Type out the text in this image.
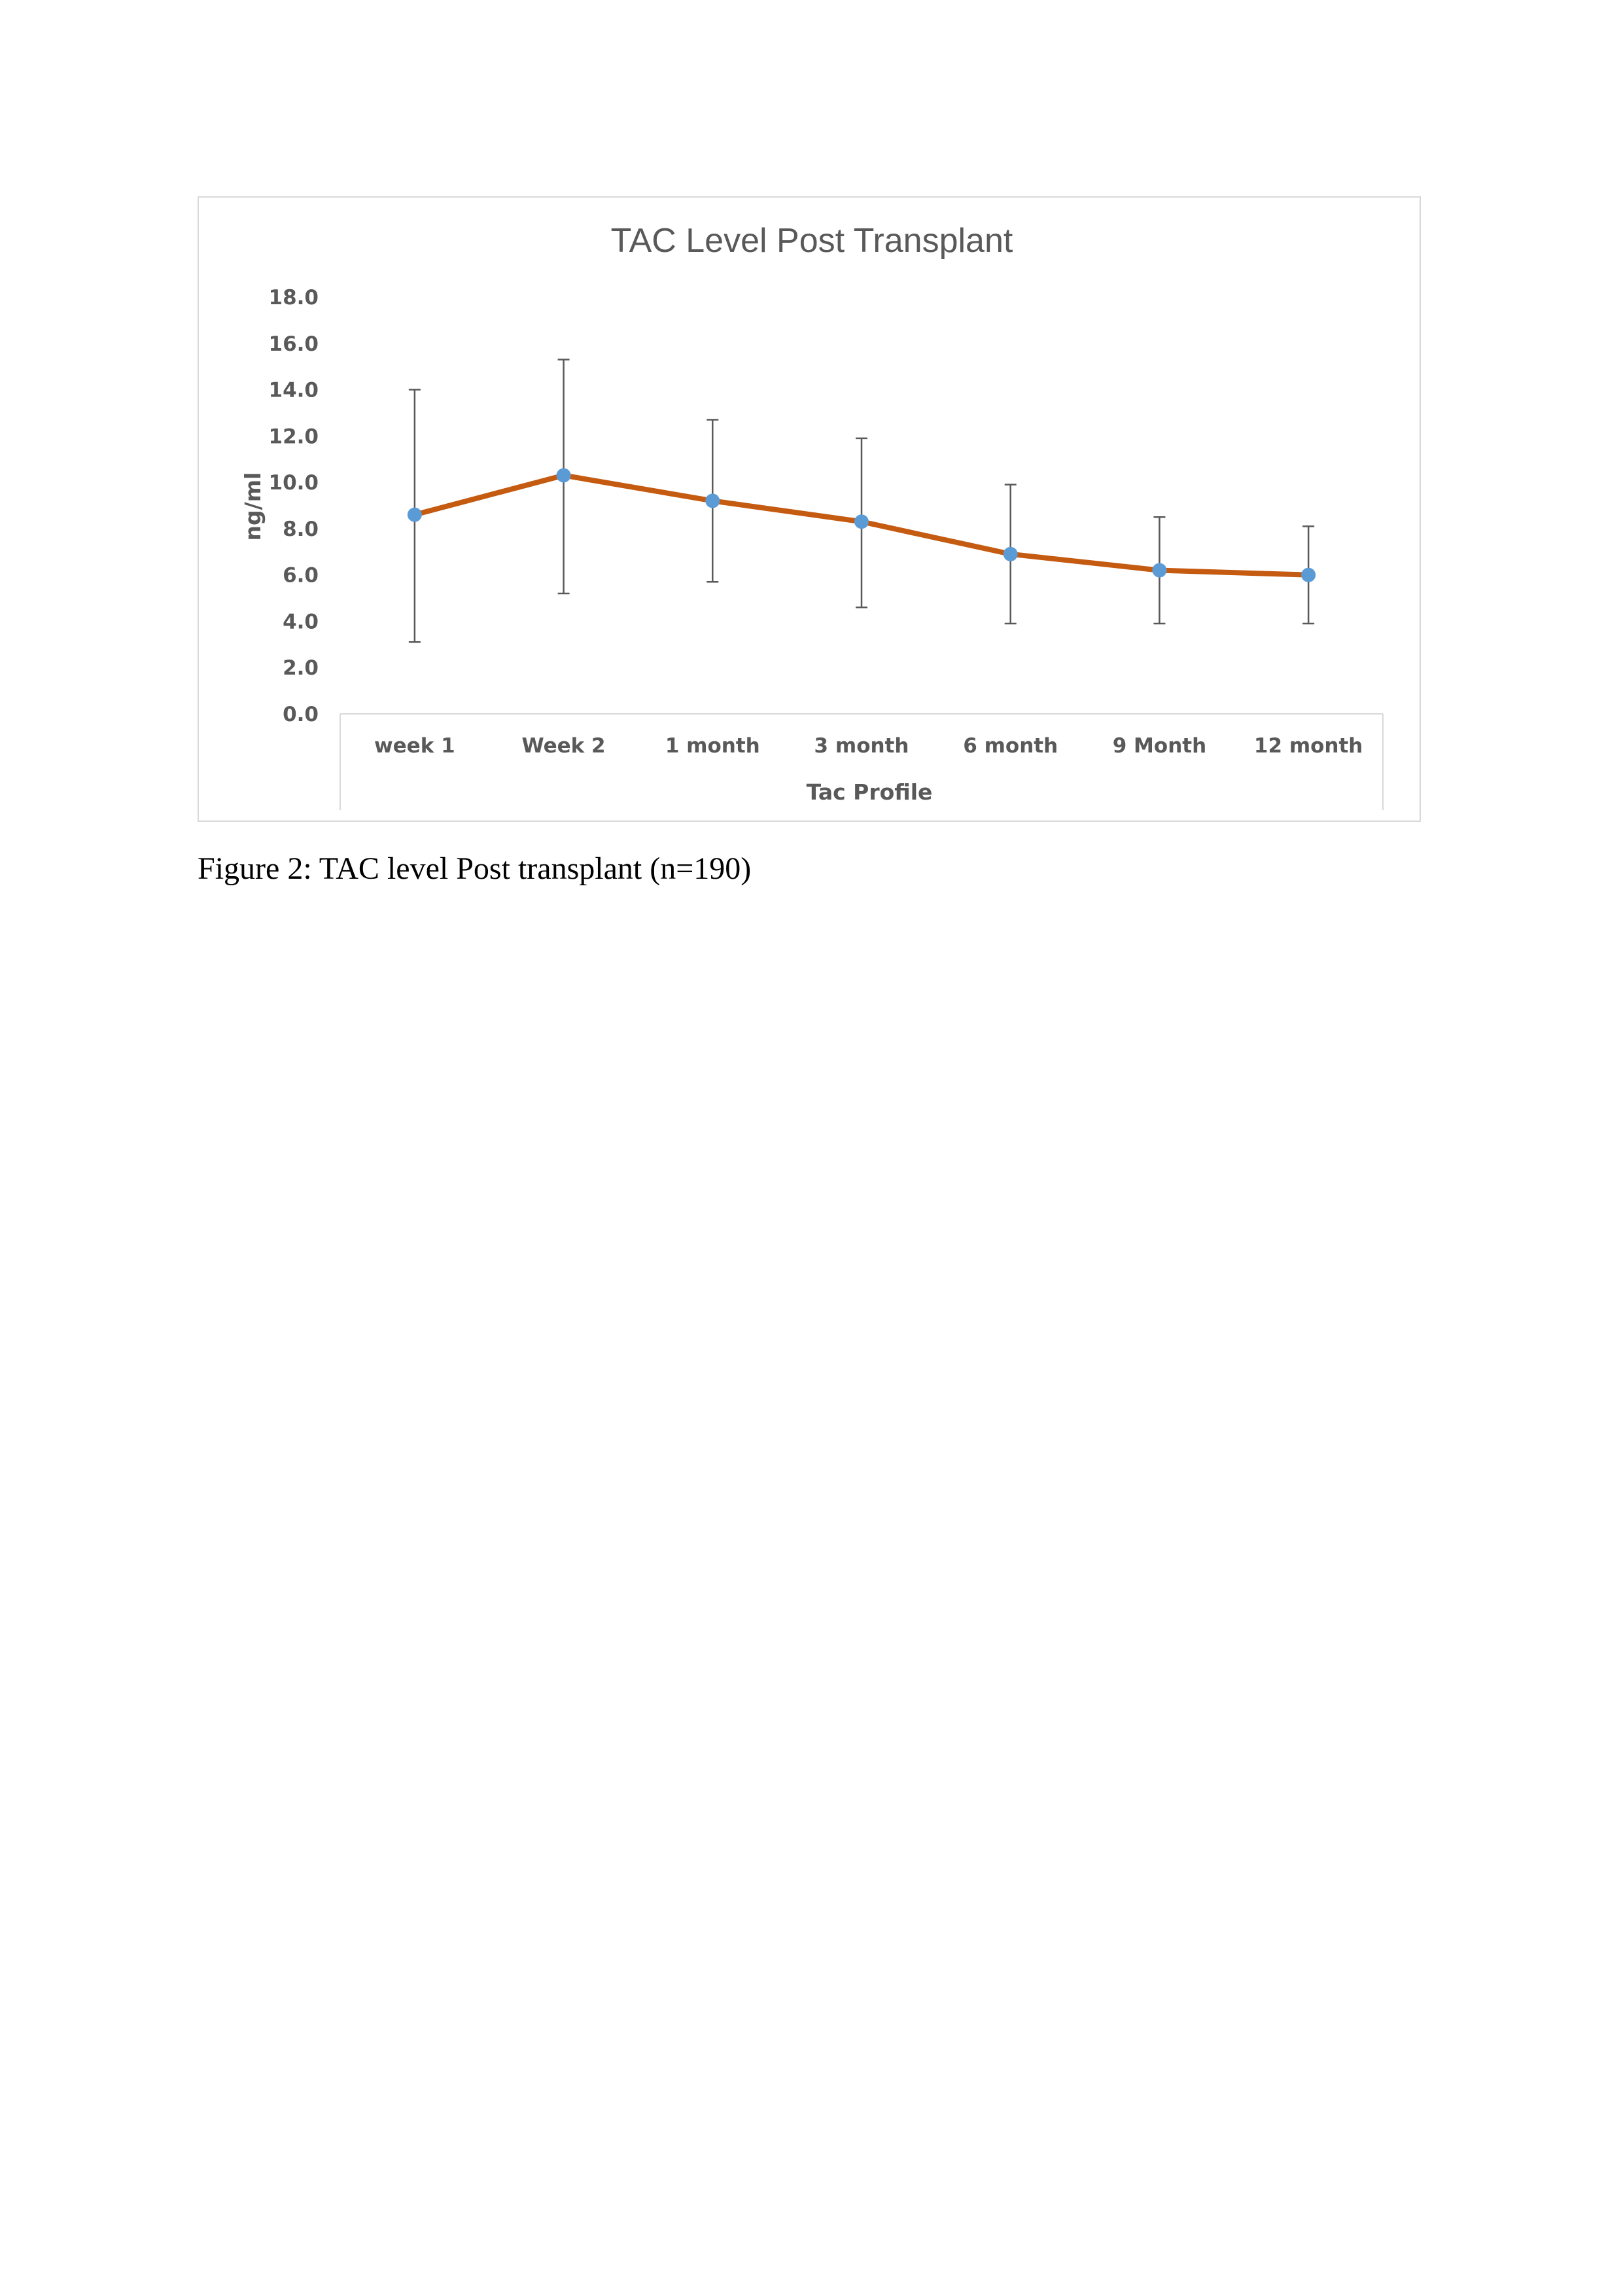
TAC Level Post Transplant
0.0
2.0
4.0
6.0
8.0
10.0
12.0
14.0
16.0
18.0
week 1	Week 2	1 month	3 month	6 month	9 Month 12 month
Tac Profile
ng/ml
Figure 2: TAC level Post transplant (n=190)
